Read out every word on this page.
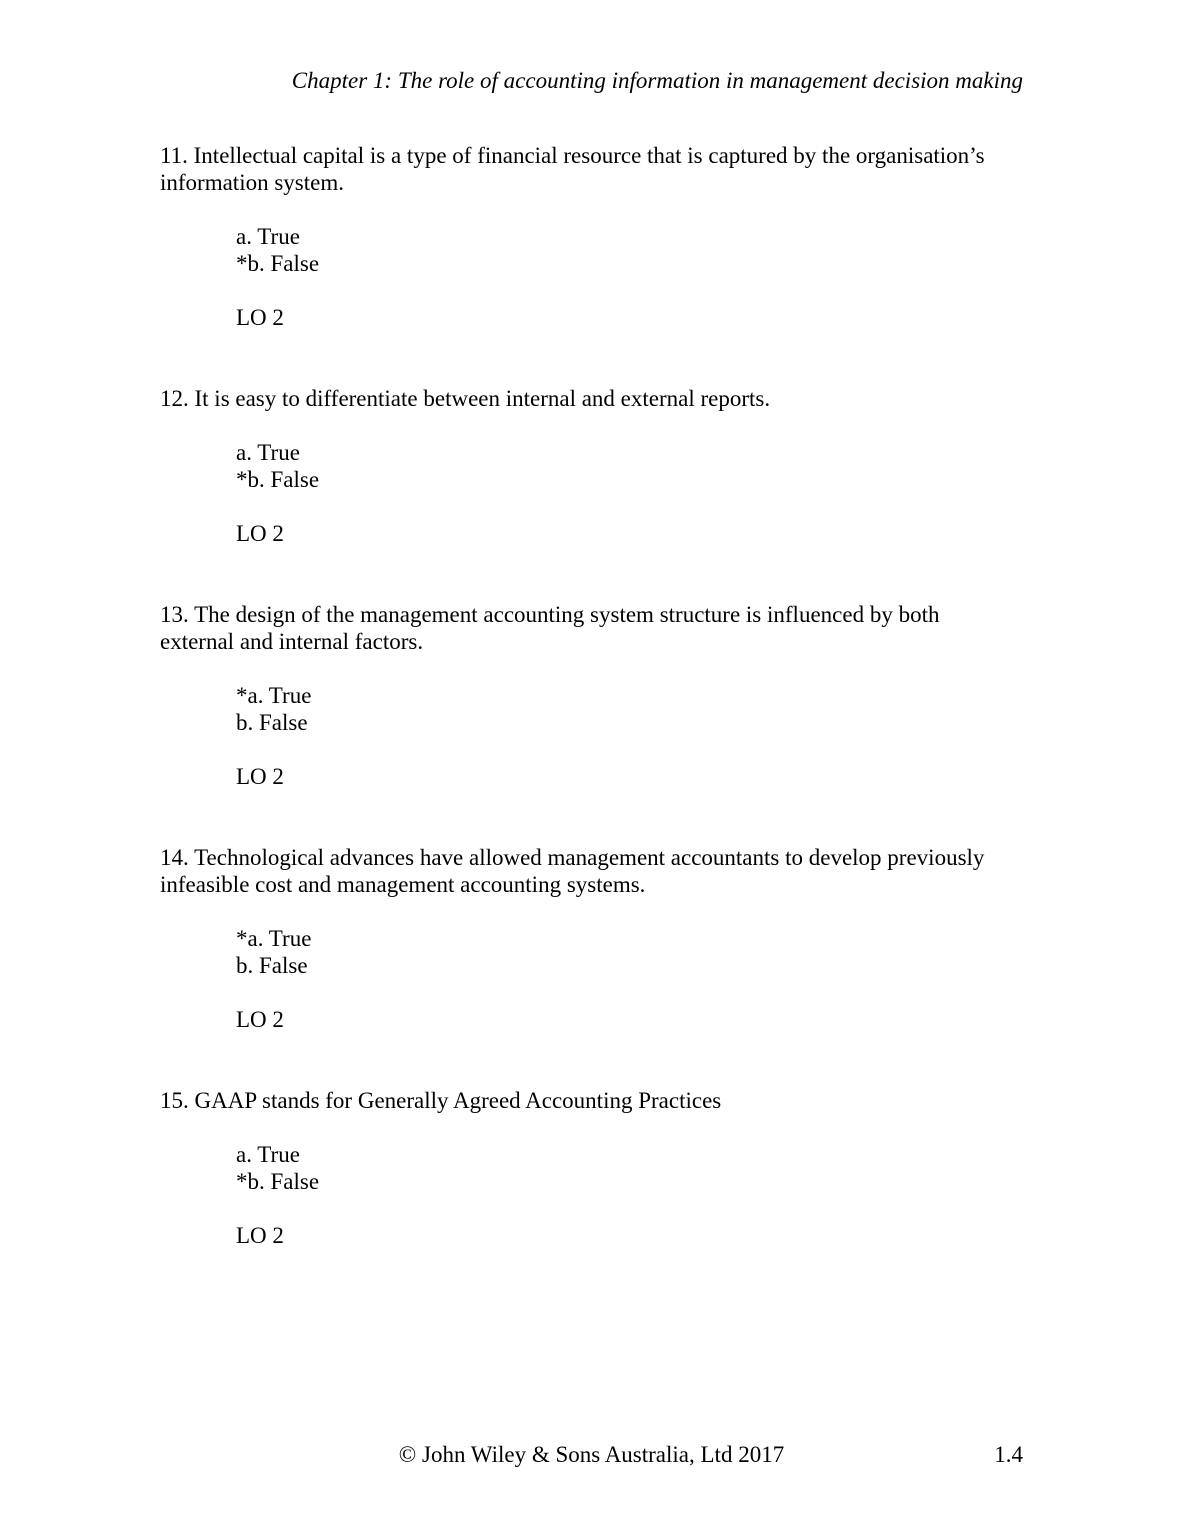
Chapter 1: The role of accounting information in management decision making

11. Intellectual capital is a type of financial resource that is captured by the organisation’s information system.

a. True

*b. False

LO 2

12. It is easy to differentiate between internal and external reports.

a. True

*b. False

LO 2

13. The design of the management accounting system structure is influenced by both external and internal factors.

*a. True

b. False

LO 2

14. Technological advances have allowed management accountants to develop previously infeasible cost and management accounting systems.

*a. True

b. False

LO 2

15. GAAP stands for Generally Agreed Accounting Practices

a. True

*b. False

LO 2

© John Wiley & Sons Australia, Ltd 2017	1.4
